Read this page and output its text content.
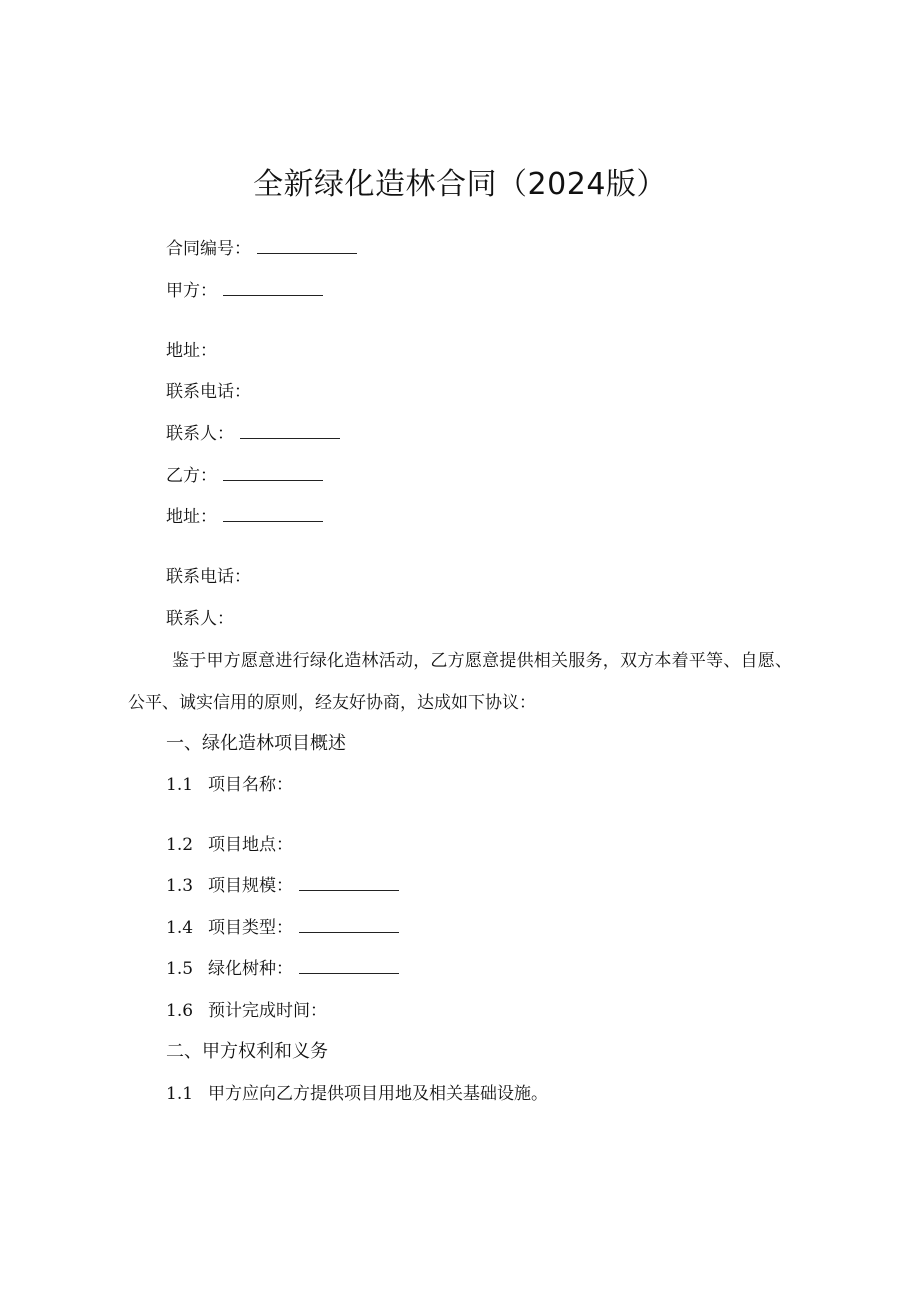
全新绿化造林合同（2024版）
合同编号：
甲方：
地址：
联系电话：
联系人：
乙方：
地址：
联系电话：
联系人：
鉴于甲方愿意进行绿化造林活动，乙方愿意提供相关服务，双方本着平等、自愿、公平、诚实信用的原则，经友好协商，达成如下协议：
一、绿化造林项目概述
1.1 项目名称：
1.2 项目地点：
1.3 项目规模：
1.4 项目类型：
1.5 绿化树种：
1.6 预计完成时间：
二、甲方权利和义务
1.1 甲方应向乙方提供项目用地及相关基础设施。
